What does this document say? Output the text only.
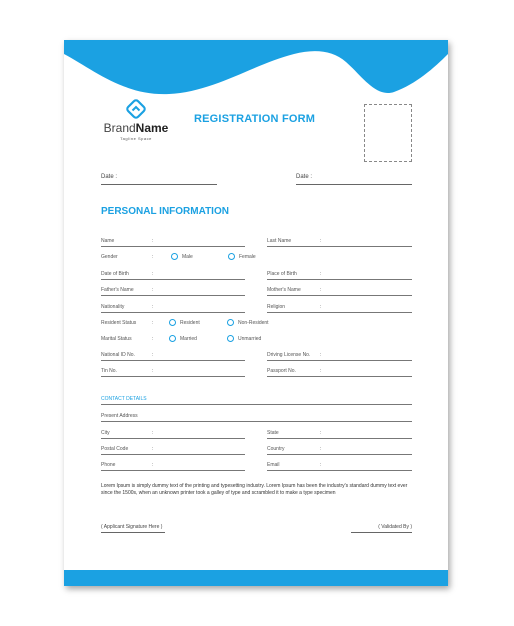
BrandName
Tagline Space
REGISTRATION FORM
Date :	Date :
PERSONAL INFORMATION
Name	:	Last Name	:
Gender	:	Male	Female
Date of Birth	:	Place of Birth	:
Father's Name	:	Mother's Name	:
Nationality	:	Religion	:
Resident Status	:	Resident	Non-Resident
Marital Status	:	Married	Unmarried
National ID No.	:	Driving License No. :
Tin No.	:	Passport No.	:
CONTACT DETAILS
Present Address
City	:	State	:
Postal Code	:	Country	:
Phone	:	Email	:
Lorem Ipsum is simply dummy text of the printing and typesetting industry. Lorem Ipsum has been the industry's standard dummy text ever since the 1500s, when an unknown printer took a galley of type and scrambled it to make a type specimen
( Applicant Signature Here )	( Validated By )
